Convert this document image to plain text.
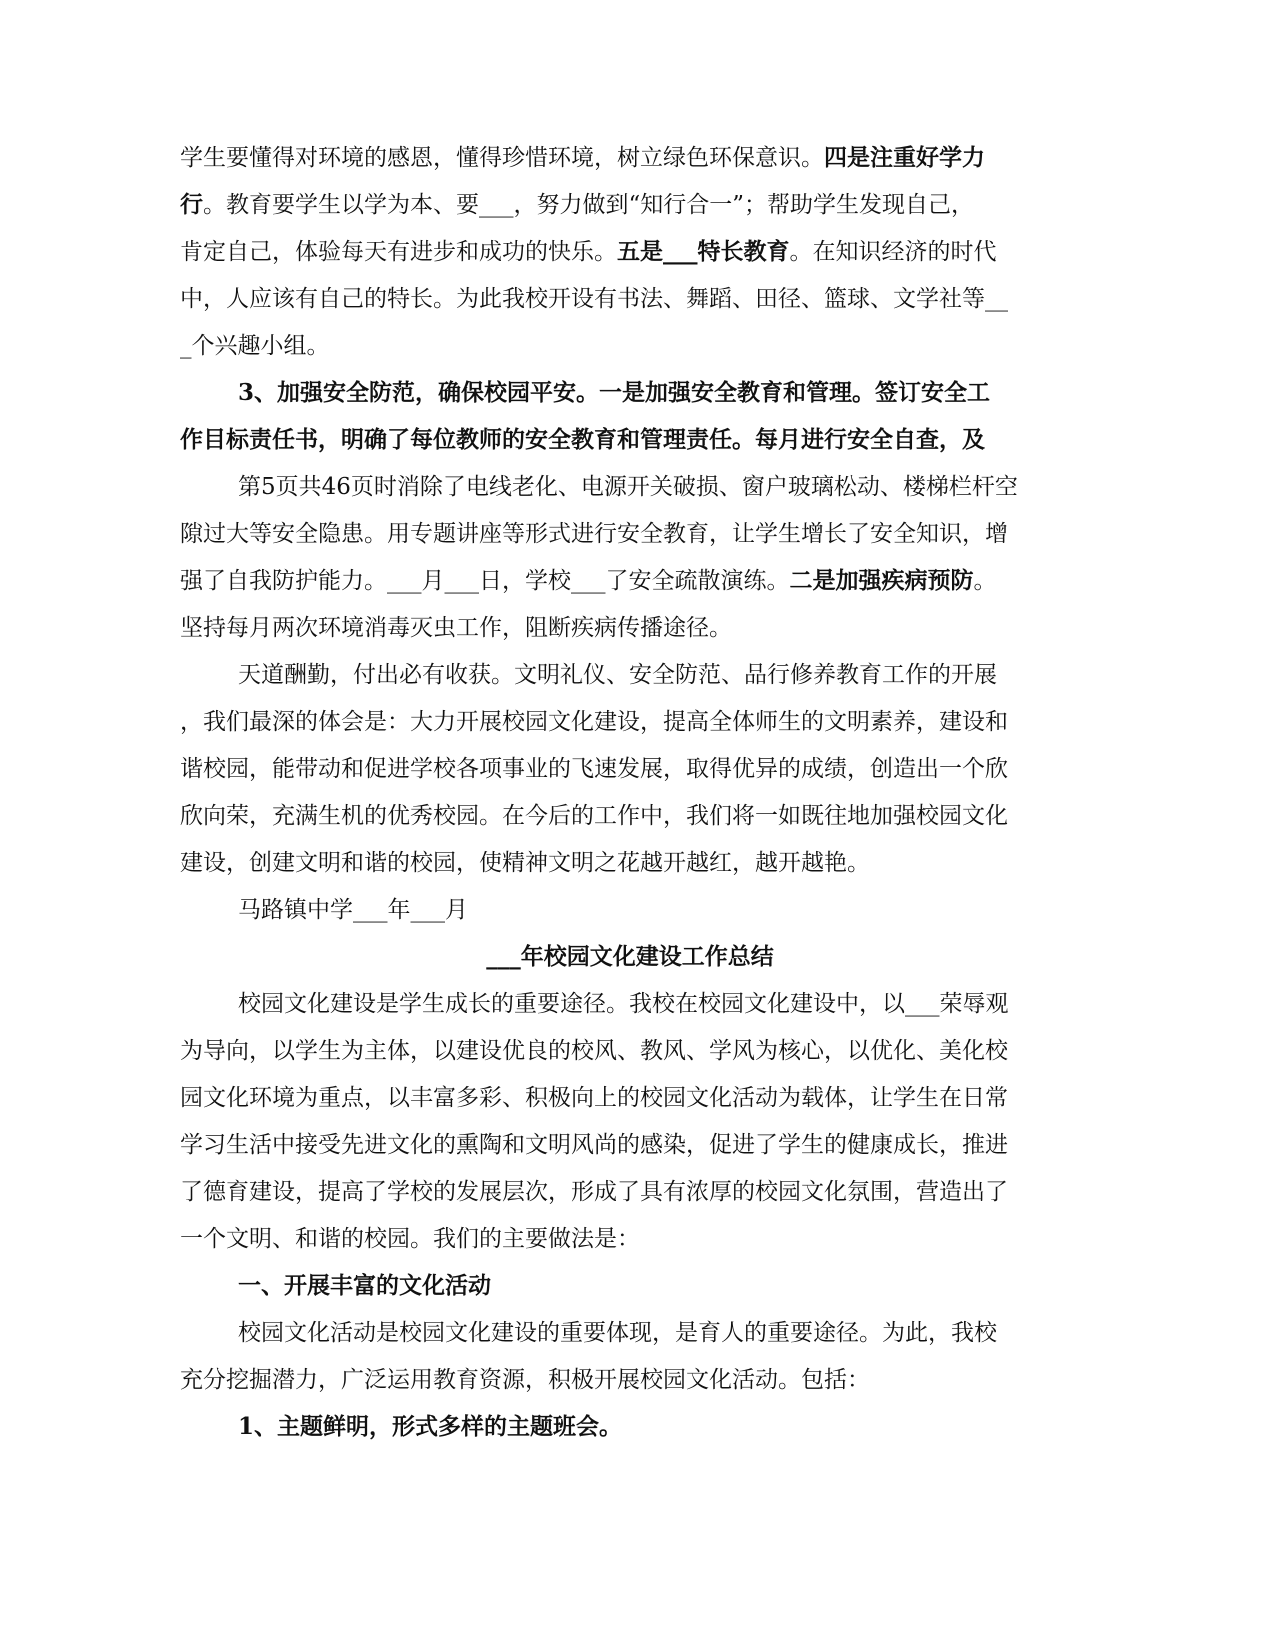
学生要懂得对环境的感恩，懂得珍惜环境，树立绿色环保意识。四是注重好学力
行。教育要学生以学为本、要___，努力做到“知行合一”；帮助学生发现自己，
肯定自己，体验每天有进步和成功的快乐。五是___特长教育。在知识经济的时代
中，人应该有自己的特长。为此我校开设有书法、舞蹈、田径、篮球、文学社等__
_个兴趣小组。
3、加强安全防范，确保校园平安。一是加强安全教育和管理。签订安全工
作目标责任书，明确了每位教师的安全教育和管理责任。每月进行安全自查，及
第5页共46页时消除了电线老化、电源开关破损、窗户玻璃松动、楼梯栏杆空
隙过大等安全隐患。用专题讲座等形式进行安全教育，让学生增长了安全知识，增
强了自我防护能力。___月___日，学校___了安全疏散演练。二是加强疾病预防。
坚持每月两次环境消毒灭虫工作，阻断疾病传播途径。
天道酬勤，付出必有收获。文明礼仪、安全防范、品行修养教育工作的开展
，我们最深的体会是：大力开展校园文化建设，提高全体师生的文明素养，建设和
谐校园，能带动和促进学校各项事业的飞速发展，取得优异的成绩，创造出一个欣
欣向荣，充满生机的优秀校园。在今后的工作中，我们将一如既往地加强校园文化
建设，创建文明和谐的校园，使精神文明之花越开越红，越开越艳。
马路镇中学___年___月
___年校园文化建设工作总结
校园文化建设是学生成长的重要途径。我校在校园文化建设中，以___荣辱观
为导向，以学生为主体，以建设优良的校风、教风、学风为核心，以优化、美化校
园文化环境为重点，以丰富多彩、积极向上的校园文化活动为载体，让学生在日常
学习生活中接受先进文化的熏陶和文明风尚的感染，促进了学生的健康成长，推进
了德育建设，提高了学校的发展层次，形成了具有浓厚的校园文化氛围，营造出了
一个文明、和谐的校园。我们的主要做法是：
一、开展丰富的文化活动
校园文化活动是校园文化建设的重要体现，是育人的重要途径。为此，我校
充分挖掘潜力，广泛运用教育资源，积极开展校园文化活动。包括：
1、主题鲜明，形式多样的主题班会。
